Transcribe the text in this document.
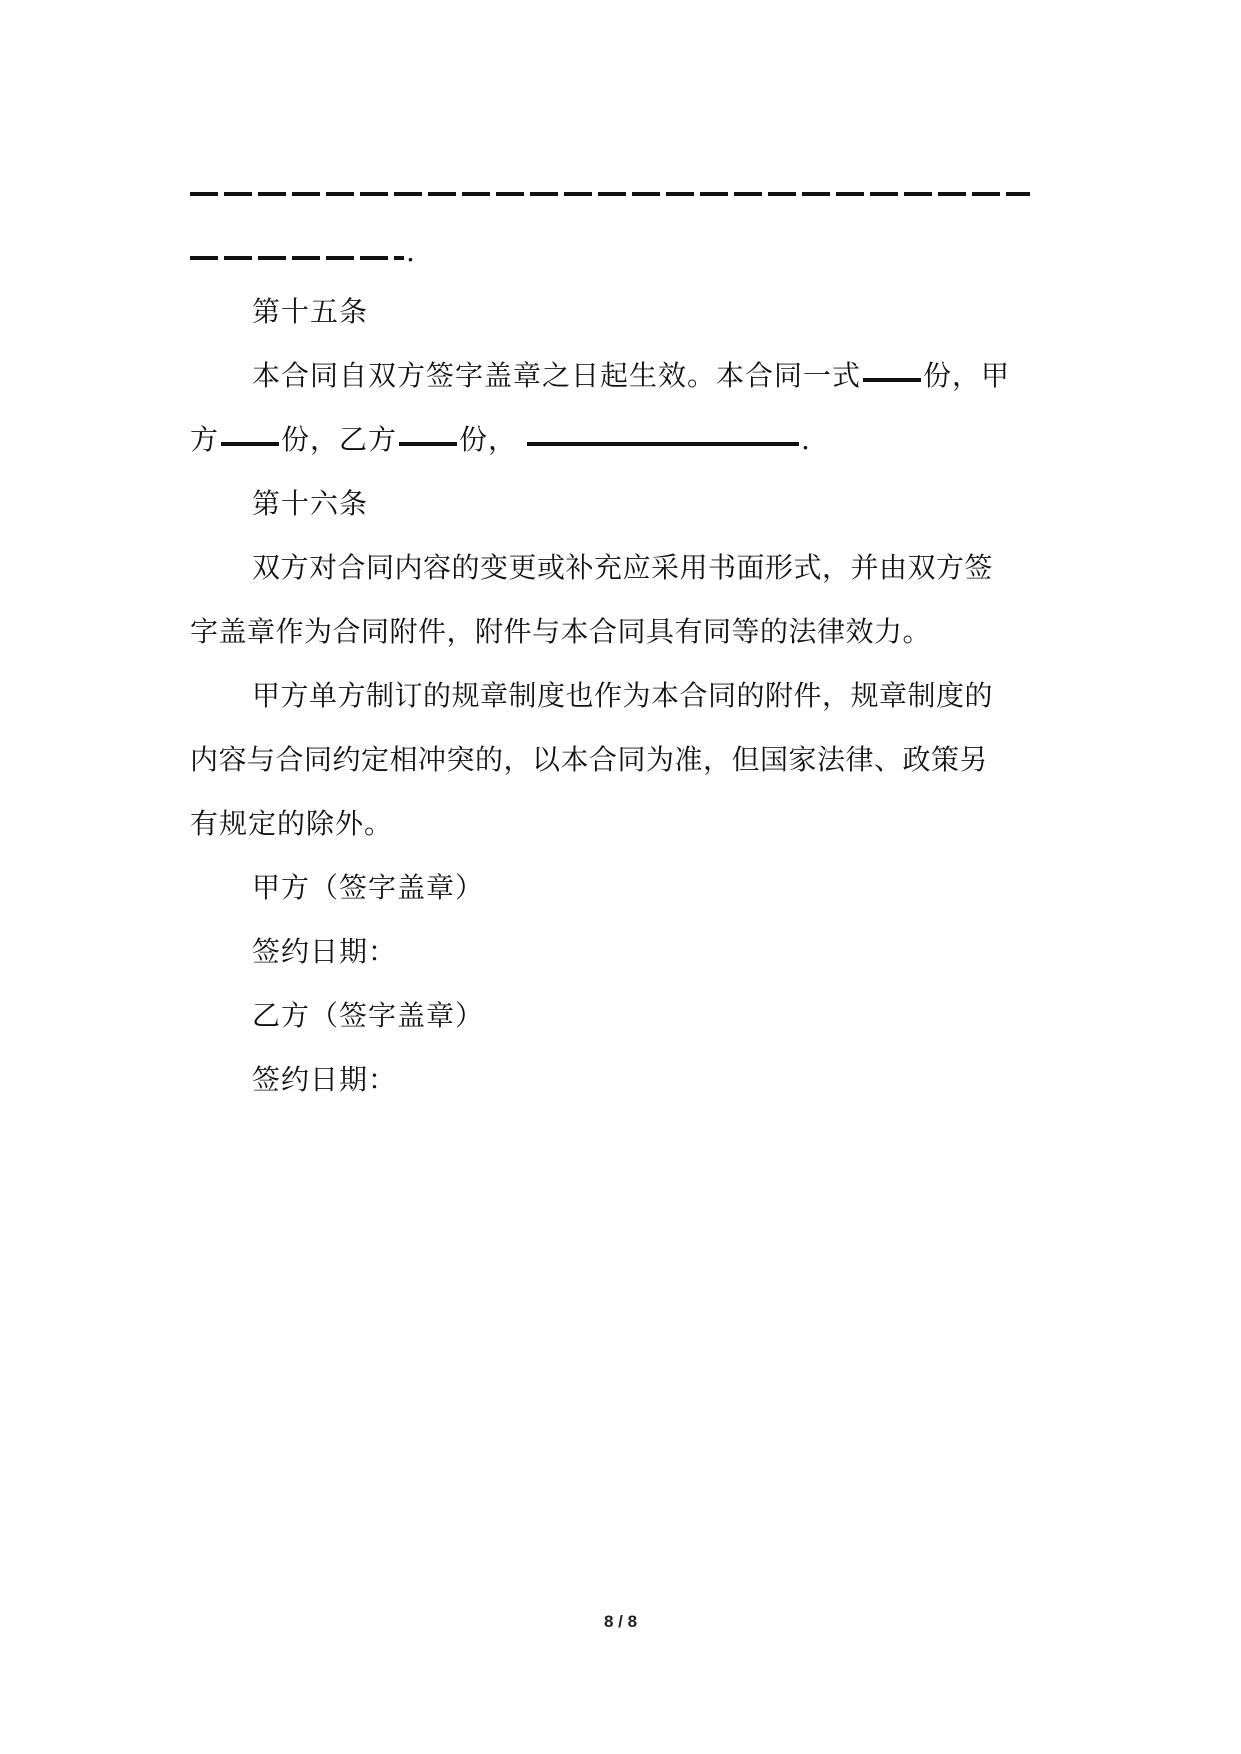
.
第十五条
本合同自双方签字盖章之日起生效。本合同一式 份，甲
方 份，乙方 份，	.
第十六条
双方对合同内容的变更或补充应采用书面形式，并由双方签
字盖章作为合同附件，附件与本合同具有同等的法律效力。
甲方单方制订的规章制度也作为本合同的附件，规章制度的
内容与合同约定相冲突的，以本合同为准，但国家法律、政策另
有规定的除外。
甲方（签字盖章）
签约日期：
乙方（签字盖章）
签约日期：
8 / 8
